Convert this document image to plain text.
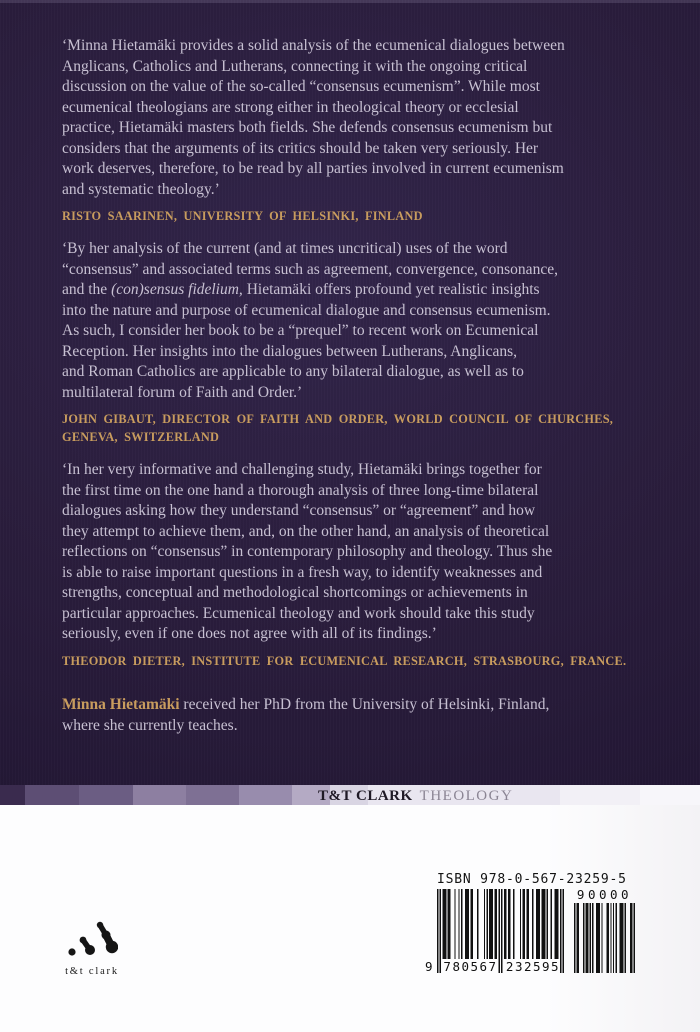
‘Minna Hietamäki provides a solid analysis of the ecumenical dialogues between
Anglicans, Catholics and Lutherans, connecting it with the ongoing critical
discussion on the value of the so-called “consensus ecumenism”. While most
ecumenical theologians are strong either in theological theory or ecclesial
practice, Hietamäki masters both fields. She defends consensus ecumenism but
considers that the arguments of its critics should be taken very seriously. Her
work deserves, therefore, to be read by all parties involved in current ecumenism
and systematic theology.’
RISTO SAARINEN, UNIVERSITY OF HELSINKI, FINLAND
‘By her analysis of the current (and at times uncritical) uses of the word
“consensus” and associated terms such as agreement, convergence, consonance,
and the (con)sensus fidelium, Hietamäki offers profound yet realistic insights
into the nature and purpose of ecumenical dialogue and consensus ecumenism.
As such, I consider her book to be a “prequel” to recent work on Ecumenical
Reception. Her insights into the dialogues between Lutherans, Anglicans,
and Roman Catholics are applicable to any bilateral dialogue, as well as to
multilateral forum of Faith and Order.’
JOHN GIBAUT, DIRECTOR OF FAITH AND ORDER, WORLD COUNCIL OF CHURCHES,
GENEVA, SWITZERLAND
‘In her very informative and challenging study, Hietamäki brings together for
the first time on the one hand a thorough analysis of three long-time bilateral
dialogues asking how they understand “consensus” or “agreement” and how
they attempt to achieve them, and, on the other hand, an analysis of theoretical
reflections on “consensus” in contemporary philosophy and theology. Thus she
is able to raise important questions in a fresh way, to identify weaknesses and
strengths, conceptual and methodological shortcomings or achievements in
particular approaches. Ecumenical theology and work should take this study
seriously, even if one does not agree with all of its findings.’
THEODOR DIETER, INSTITUTE FOR ECUMENICAL RESEARCH, STRASBOURG, FRANCE.
Minna Hietamäki received her PhD from the University of Helsinki, Finland,
where she currently teaches.
T&T CLARK THEOLOGY
t&t clark
ISBN 978-0-567-23259-5
9 780567 232595
90000
